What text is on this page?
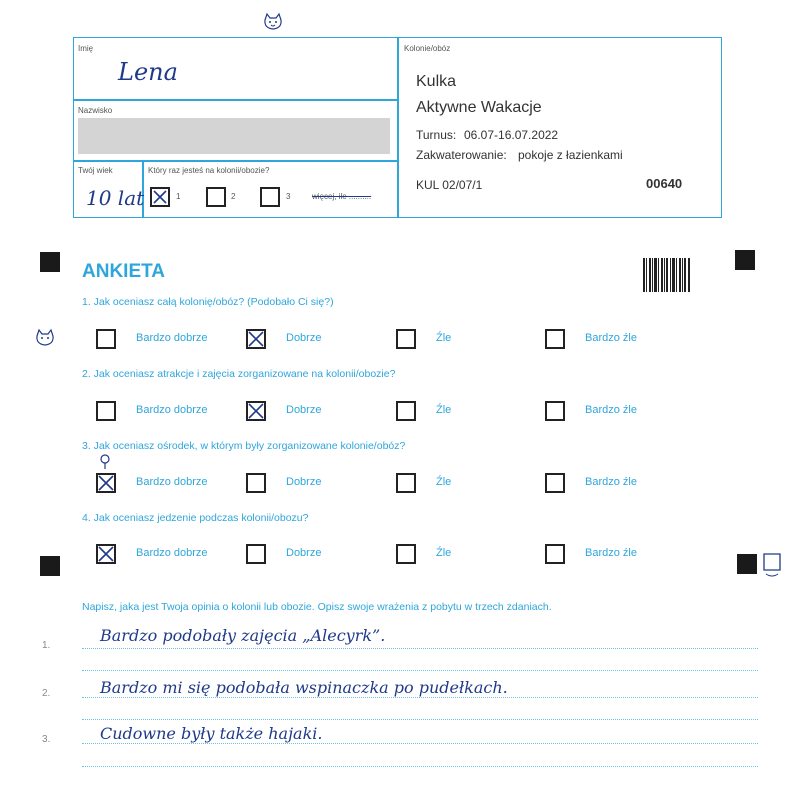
Imię
Lena
Nazwisko
Twój wiek
10 lat
Który raz jesteś na kolonii/obozie?
1	2	3	więcej, ile ..........
Kolonie/obóz
Kulka
Aktywne Wakacje
Turnus: 06.07-16.07.2022
Zakwaterowanie: pokoje z łazienkami
KUL 02/07/1	00640
ANKIETA
1. Jak oceniasz całą kolonię/obóz? (Podobało Ci się?)
2. Jak oceniasz atrakcje i zajęcia zorganizowane na kolonii/obozie?
3. Jak oceniasz ośrodek, w którym były zorganizowane kolonie/obóz?
4. Jak oceniasz jedzenie podczas kolonii/obozu?
Bardzo dobrze	Dobrze	Źle	Bardzo źle
Bardzo dobrze	Dobrze	Źle	Bardzo źle
Bardzo dobrze	Dobrze	Źle	Bardzo źle
Bardzo dobrze	Dobrze	Źle	Bardzo źle
Napisz, jaka jest Twoja opinia o kolonii lub obozie. Opisz swoje wrażenia z pobytu w trzech zdaniach.
1.
Bardzo podobały zajęcia „Alecyrk”.
2.	Bardzo mi się podobała wspinaczka po pudełkach.
3.	Cudowne były także hajaki.
